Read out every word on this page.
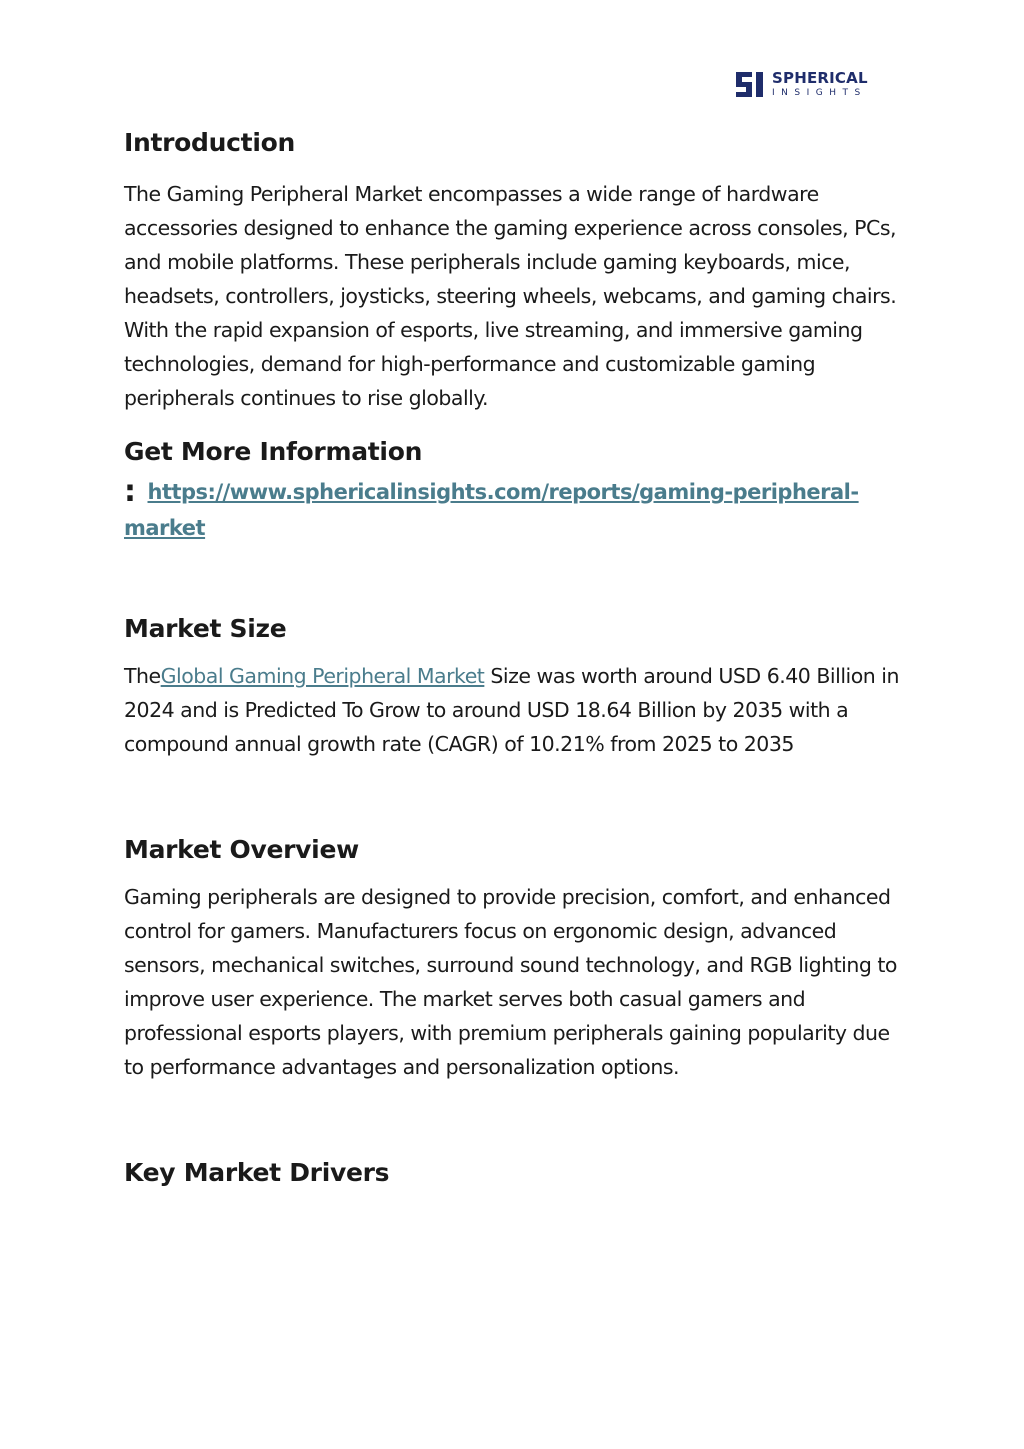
SPHERICAL
INSIGHTS
Introduction

The Gaming Peripheral Market encompasses a wide range of hardware accessories designed to enhance the gaming experience across consoles, PCs, and mobile platforms. These peripherals include gaming keyboards, mice, headsets, controllers, joysticks, steering wheels, webcams, and gaming chairs. With the rapid expansion of esports, live streaming, and immersive gaming technologies, demand for high-performance and customizable gaming peripherals continues to rise globally.

Get More Information
: https://www.sphericalinsights.com/reports/gaming-peripheral-market
Market Size

TheGlobal Gaming Peripheral Market Size was worth around USD 6.40 Billion in 2024 and is Predicted To Grow to around USD 18.64 Billion by 2035 with a compound annual growth rate (CAGR) of 10.21% from 2025 to 2035

Market Overview

Gaming peripherals are designed to provide precision, comfort, and enhanced control for gamers. Manufacturers focus on ergonomic design, advanced sensors, mechanical switches, surround sound technology, and RGB lighting to improve user experience. The market serves both casual gamers and professional esports players, with premium peripherals gaining popularity due to performance advantages and personalization options.

Key Market Drivers
